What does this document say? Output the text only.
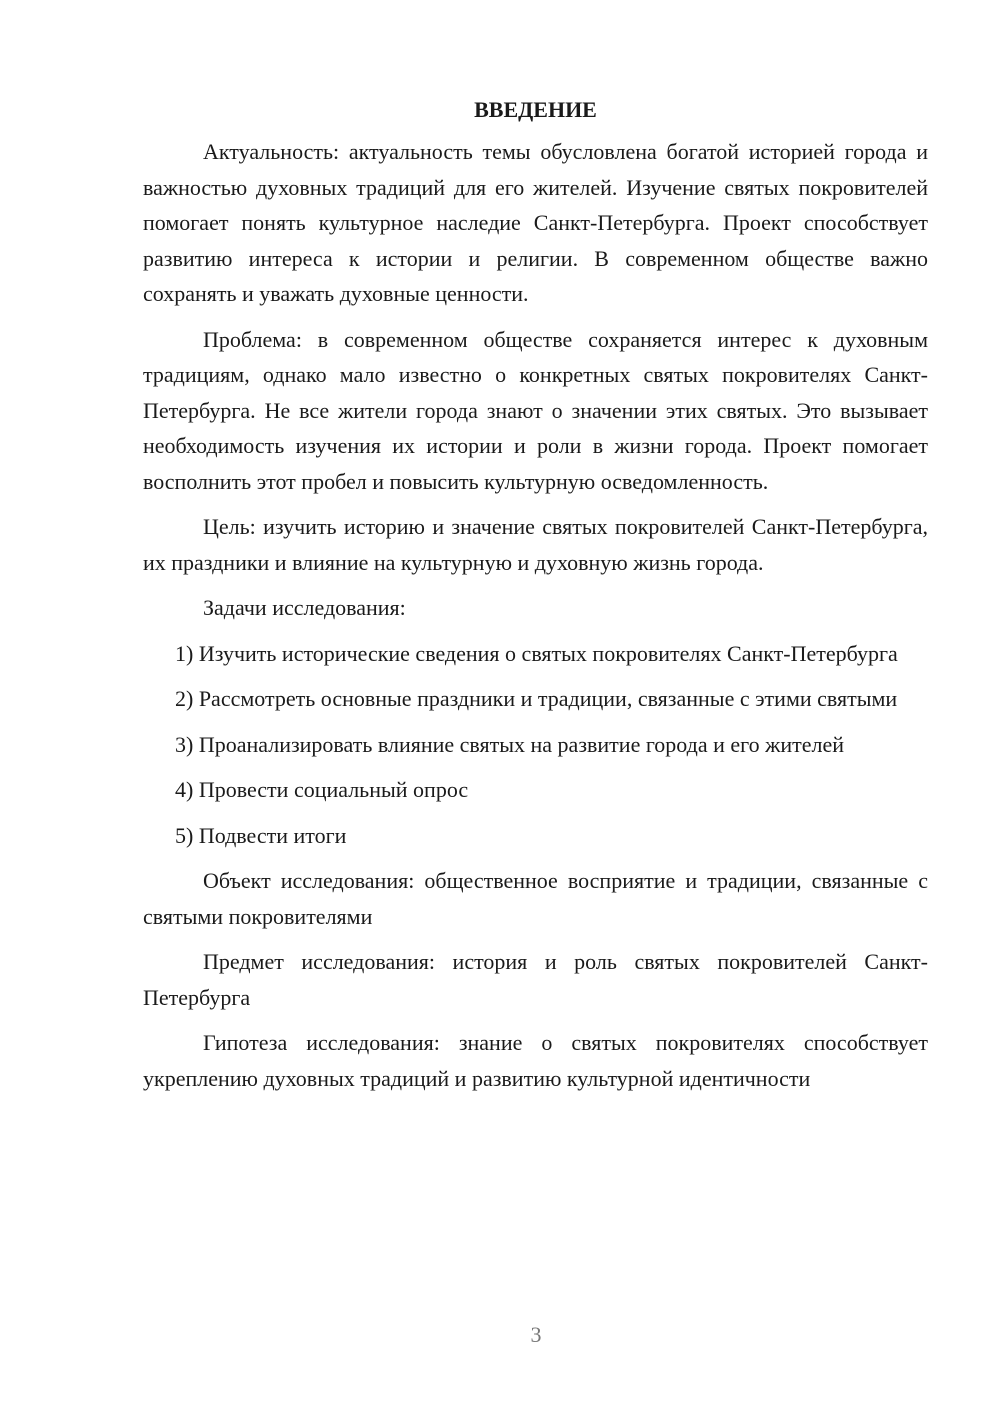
ВВЕДЕНИЕ

Актуальность: актуальность темы обусловлена богатой историей города и важностью духовных традиций для его жителей. Изучение святых покровителей помогает понять культурное наследие Санкт-Петербурга. Проект способствует развитию интереса к истории и религии. В современном обществе важно сохранять и уважать духовные ценности.

Проблема: в современном обществе сохраняется интерес к духовным традициям, однако мало известно о конкретных святых покровителях Санкт-Петербурга. Не все жители города знают о значении этих святых. Это вызывает необходимость изучения их истории и роли в жизни города. Проект помогает восполнить этот пробел и повысить культурную осведомленность.

Цель: изучить историю и значение святых покровителей Санкт-Петербурга, их праздники и влияние на культурную и духовную жизнь города.

Задачи исследования:

1) Изучить исторические сведения о святых покровителях Санкт-Петербурга

2) Рассмотреть основные праздники и традиции, связанные с этими святыми

3) Проанализировать влияние святых на развитие города и его жителей

4) Провести социальный опрос

5) Подвести итоги

Объект исследования: общественное восприятие и традиции, связанные с святыми покровителями

Предмет исследования: история и роль святых покровителей Санкт-Петербурга

Гипотеза исследования: знание о святых покровителях способствует укреплению духовных традиций и развитию культурной идентичности

3
